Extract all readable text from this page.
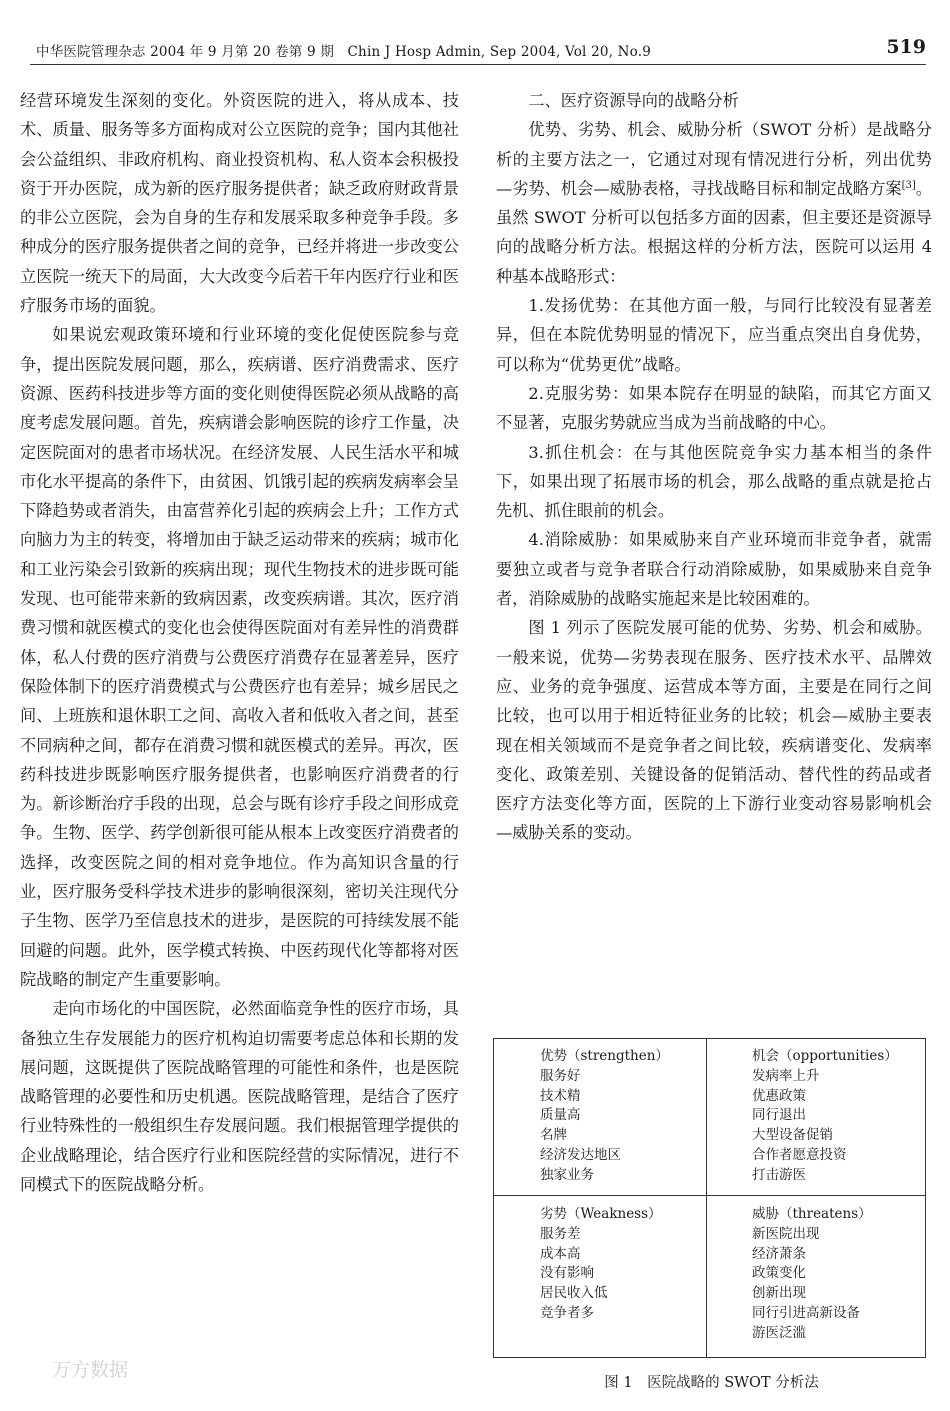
中华医院管理杂志 2004 年 9 月第 20 卷第 9 期 Chin J Hosp Admin, Sep 2004, Vol 20, No.9	519

经营环境发生深刻的变化。外资医院的进入，将从成本、技术、质量、服务等多方面构成对公立医院的竞争；国内其他社会公益组织、非政府机构、商业投资机构、私人资本会积极投资于开办医院，成为新的医疗服务提供者；缺乏政府财政背景的非公立医院，会为自身的生存和发展采取多种竞争手段。多种成分的医疗服务提供者之间的竞争，已经并将进一步改变公立医院一统天下的局面，大大改变今后若干年内医疗行业和医疗服务市场的面貌。

如果说宏观政策环境和行业环境的变化促使医院参与竞争，提出医院发展问题，那么，疾病谱、医疗消费需求、医疗资源、医药科技进步等方面的变化则使得医院必须从战略的高度考虑发展问题。首先，疾病谱会影响医院的诊疗工作量，决定医院面对的患者市场状况。在经济发展、人民生活水平和城市化水平提高的条件下，由贫困、饥饿引起的疾病发病率会呈下降趋势或者消失，由富营养化引起的疾病会上升；工作方式向脑力为主的转变，将增加由于缺乏运动带来的疾病；城市化和工业污染会引致新的疾病出现；现代生物技术的进步既可能发现、也可能带来新的致病因素，改变疾病谱。其次，医疗消费习惯和就医模式的变化也会使得医院面对有差异性的消费群体，私人付费的医疗消费与公费医疗消费存在显著差异，医疗保险体制下的医疗消费模式与公费医疗也有差异；城乡居民之间、上班族和退休职工之间、高收入者和低收入者之间，甚至不同病种之间，都存在消费习惯和就医模式的差异。再次，医药科技进步既影响医疗服务提供者，也影响医疗消费者的行为。新诊断治疗手段的出现，总会与既有诊疗手段之间形成竞争。生物、医学、药学创新很可能从根本上改变医疗消费者的选择，改变医院之间的相对竞争地位。作为高知识含量的行业，医疗服务受科学技术进步的影响很深刻，密切关注现代分子生物、医学乃至信息技术的进步，是医院的可持续发展不能回避的问题。此外，医学模式转换、中医药现代化等都将对医院战略的制定产生重要影响。

走向市场化的中国医院，必然面临竞争性的医疗市场，具备独立生存发展能力的医疗机构迫切需要考虑总体和长期的发展问题，这既提供了医院战略管理的可能性和条件，也是医院战略管理的必要性和历史机遇。医院战略管理，是结合了医疗行业特殊性的一般组织生存发展问题。我们根据管理学提供的企业战略理论，结合医疗行业和医院经营的实际情况，进行不同模式下的医院战略分析。

二、医疗资源导向的战略分析

优势、劣势、机会、威胁分析（SWOT 分析）是战略分析的主要方法之一，它通过对现有情况进行分析，列出优势—劣势、机会—威胁表格，寻找战略目标和制定战略方案[3]。虽然 SWOT 分析可以包括多方面的因素，但主要还是资源导向的战略分析方法。根据这样的分析方法，医院可以运用 4 种基本战略形式：

1.发扬优势：在其他方面一般，与同行比较没有显著差异，但在本院优势明显的情况下，应当重点突出自身优势，可以称为“优势更优”战略。

2.克服劣势：如果本院存在明显的缺陷，而其它方面又不显著，克服劣势就应当成为当前战略的中心。

3.抓住机会：在与其他医院竞争实力基本相当的条件下，如果出现了拓展市场的机会，那么战略的重点就是抢占先机、抓住眼前的机会。

4.消除威胁：如果威胁来自产业环境而非竞争者，就需要独立或者与竞争者联合行动消除威胁，如果威胁来自竞争者，消除威胁的战略实施起来是比较困难的。

图 1 列示了医院发展可能的优势、劣势、机会和威胁。一般来说，优势—劣势表现在服务、医疗技术水平、品牌效应、业务的竞争强度、运营成本等方面，主要是在同行之间比较，也可以用于相近特征业务的比较；机会—威胁主要表现在相关领域而不是竞争者之间比较，疾病谱变化、发病率变化、政策差别、关键设备的促销活动、替代性的药品或者医疗方法变化等方面，医院的上下游行业变动容易影响机会—威胁关系的变动。

优势（strengthen）
服务好
技术精
质量高
名牌
经济发达地区
独家业务
机会（opportunities）
发病率上升
优惠政策
同行退出
大型设备促销
合作者愿意投资
打击游医
劣势（Weakness）
服务差
成本高
没有影响
居民收入低
竞争者多
威胁（threatens）
新医院出现
经济萧条
政策变化
创新出现
同行引进高新设备
游医泛滥
图 1　医院战略的 SWOT 分析法
万方数据
